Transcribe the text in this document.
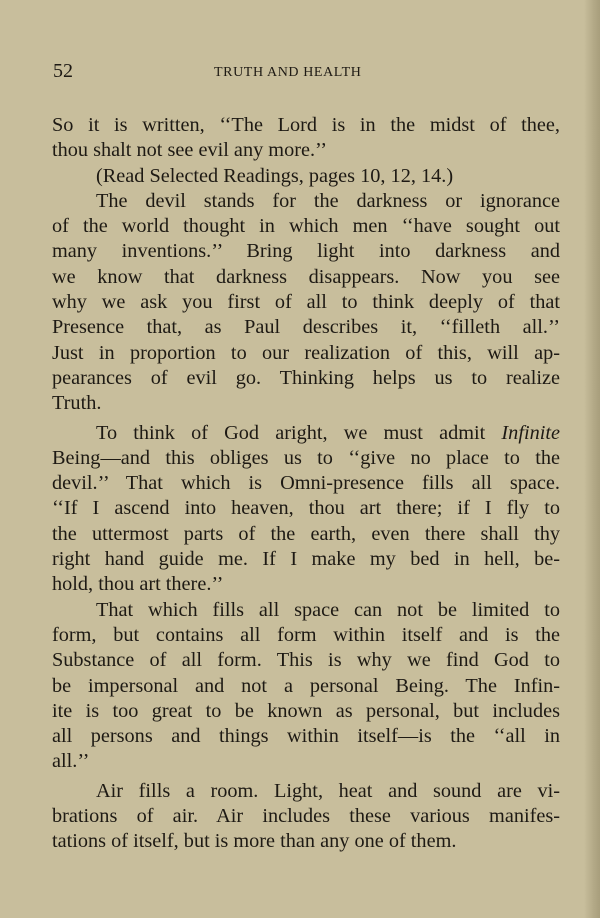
52	TRUTH AND HEALTH
So it is written, ‘‘The Lord is in the midst of thee,
thou shalt not see evil any more.’’
(Read Selected Readings, pages 10, 12, 14.)
The devil stands for the darkness or ignorance
of the world thought in which men ‘‘have sought out
many inventions.’’ Bring light into darkness and
we know that darkness disappears. Now you see
why we ask you first of all to think deeply of that
Presence that, as Paul describes it, ‘‘filleth all.’’
Just in proportion to our realization of this, will ap-
pearances of evil go. Thinking helps us to realize
Truth.
To think of God aright, we must admit Infinite
Being—and this obliges us to ‘‘give no place to the
devil.’’ That which is Omni-presence fills all space.
‘‘If I ascend into heaven, thou art there; if I fly to
the uttermost parts of the earth, even there shall thy
right hand guide me. If I make my bed in hell, be-
hold, thou art there.’’
That which fills all space can not be limited to
form, but contains all form within itself and is the
Substance of all form. This is why we find God to
be impersonal and not a personal Being. The Infin-
ite is too great to be known as personal, but includes
all persons and things within itself—is the ‘‘all in
all.’’
Air fills a room. Light, heat and sound are vi-
brations of air. Air includes these various manifes-
tations of itself, but is more than any one of them.
